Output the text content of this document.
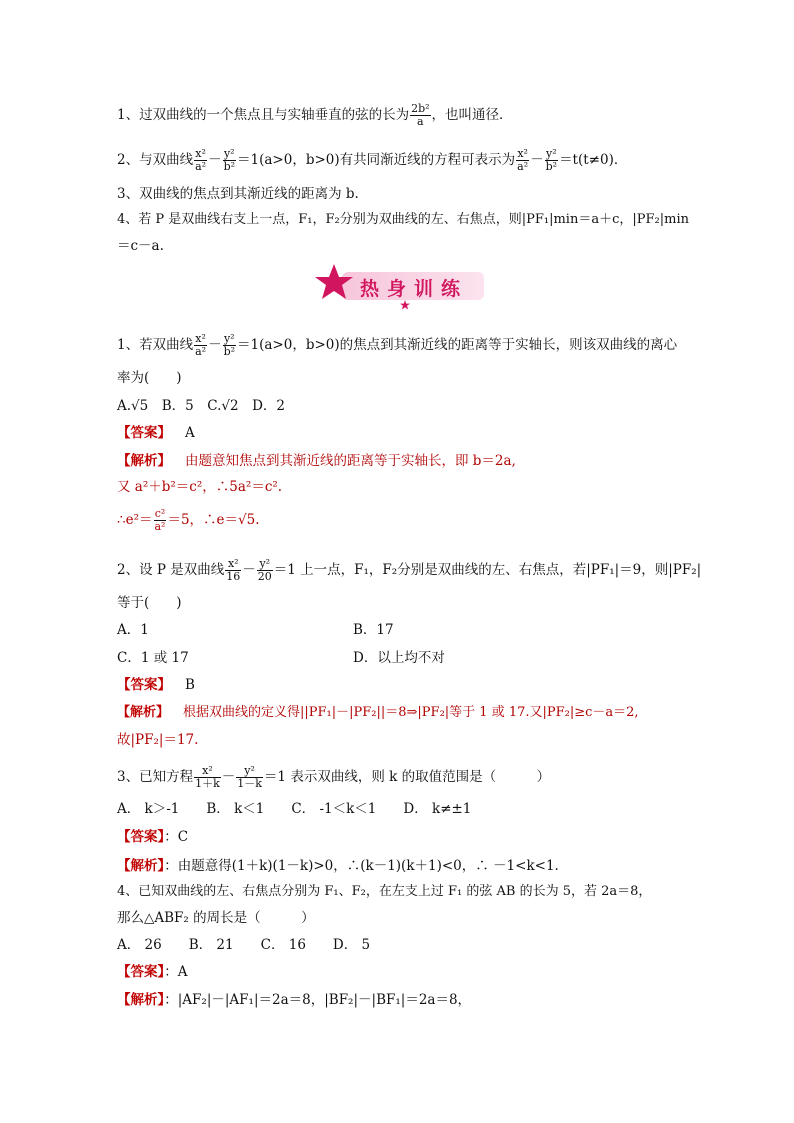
1、过双曲线的一个焦点且与实轴垂直的弦的长为 $\frac{\text{2b²}}{a}$ ，也叫通径．
2、与双曲线 $\frac{\text{x²}}{\text{a²}} - \frac{\text{y²}}{\text{b²}} =1(a>0$，b>0)有共同渐近线的方程可表示为 $\frac{\text{x²}}{\text{a²}} - \frac{\text{y²}}{\text{b²}} =t(t\ne 0)$．
3、双曲线的焦点到其渐近线的距离为 b.
4、若 P 是双曲线右支上一点，F₁，F₂分别为双曲线的左、右焦点，则|PF₁|min＝a＋c，|PF₂|min
＝c－a.
热身训练
1、若双曲线 $\frac{\text{x²}}{\text{a²}} - \frac{\text{y²}}{\text{b²}} =1(a>0$，b>0)的焦点到其渐近线的距离等于实轴长，则该双曲线的离心
率为(　　)
A.√5　B．5　C.√2　D．2
【答案】 A
【解析】 由题意知焦点到其渐近线的距离等于实轴长，即 b＝2a,
又 a²＋b²＝c²，∴5a²＝c².
∴e²＝ $\frac{\text{c²}}{\text{a²}} =5$，∴e＝√5.
2、设 P 是双曲线 $\frac{\text{x²}}{16} - \frac{\text{y²}}{20} =1$ 上一点，F₁，F₂分别是双曲线的左、右焦点，若|PF₁|＝9，则|PF₂|
等于(　　)
A．1	B．17
C．1 或 17	D．以上均不对
【答案】 B
【解析】 根据双曲线的定义得||PF₁|－|PF₂||＝8⇒|PF₂|等于 1 或 17.又|PF₂|≥c－a＝2,
故|PF₂|＝17.
3、已知方程 $\frac{\text{x²}}{1+k} - \frac{\text{y²}}{1-k} =1$ 表示双曲线，则 k 的取值范围是（　　　）
A． k＞-1　　B． k＜1　　C． -1＜k＜1　　D． k≠±1
【答案】：C
【解析】：由题意得(1＋k)(1－k)>0，∴(k－1)(k＋1)<0，∴ －1<k<1.
4、已知双曲线的左、右焦点分别为 F₁、F₂，在左支上过 F₁ 的弦 AB 的长为 5，若 2a＝8，
那么△ABF₂ 的周长是（　　　）
A． 26　　B． 21　　C． 16　　D． 5
【答案】：A
【解析】：|AF₂|－|AF₁|＝2a＝8，|BF₂|－|BF₁|＝2a＝8，
